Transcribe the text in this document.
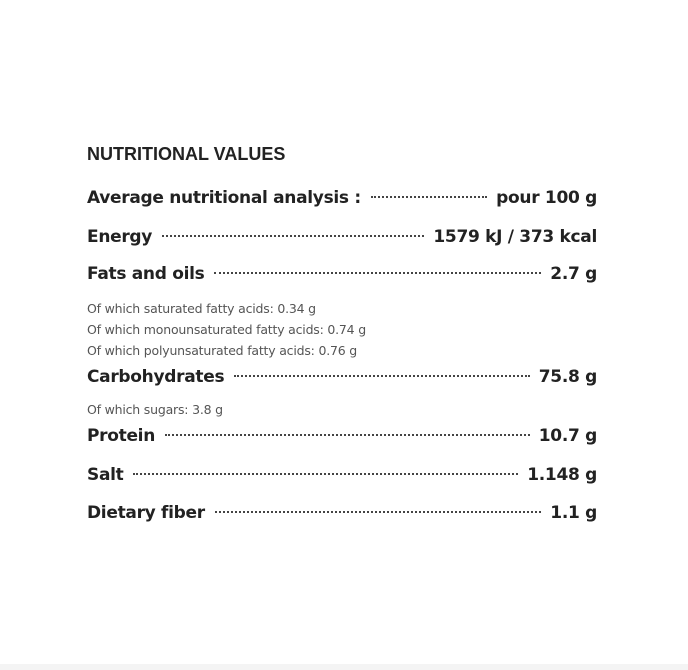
NUTRITIONAL VALUES
Average nutritional analysis :	pour 100 g
Energy	1579 kJ / 373 kcal
Fats and oils	2.7 g
Of which saturated fatty acids: 0.34 g
Of which monounsaturated fatty acids: 0.74 g
Of which polyunsaturated fatty acids: 0.76 g
Carbohydrates	75.8 g
Of which sugars: 3.8 g
Protein	10.7 g
Salt	1.148 g
Dietary fiber	1.1 g
